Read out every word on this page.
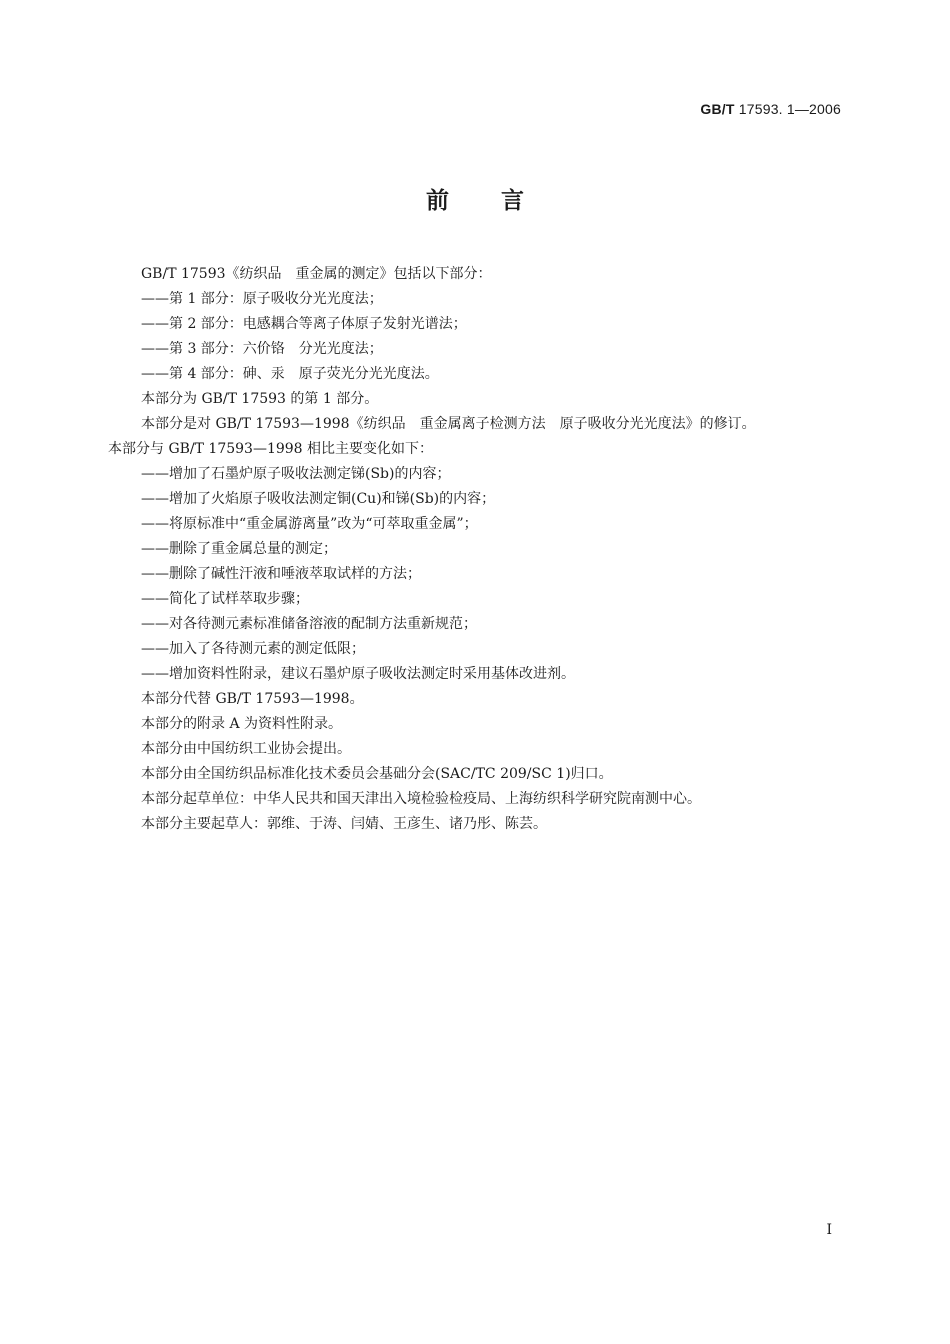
GB/T 17593. 1—2006
前言
GB/T 17593《纺织品　重金属的测定》包括以下部分：
——第 1 部分：原子吸收分光光度法；
——第 2 部分：电感耦合等离子体原子发射光谱法；
——第 3 部分：六价铬　分光光度法；
——第 4 部分：砷、汞　原子荧光分光光度法。
本部分为 GB/T 17593 的第 1 部分。
本部分是对 GB/T 17593—1998《纺织品　重金属离子检测方法　原子吸收分光光度法》的修订。
本部分与 GB/T 17593—1998 相比主要变化如下：
——增加了石墨炉原子吸收法测定锑(Sb)的内容；
——增加了火焰原子吸收法测定铜(Cu)和锑(Sb)的内容；
——将原标准中“重金属游离量”改为“可萃取重金属”；
——删除了重金属总量的测定；
——删除了碱性汗液和唾液萃取试样的方法；
——简化了试样萃取步骤；
——对各待测元素标准储备溶液的配制方法重新规范；
——加入了各待测元素的测定低限；
——增加资料性附录，建议石墨炉原子吸收法测定时采用基体改进剂。
本部分代替 GB/T 17593—1998。
本部分的附录 A 为资料性附录。
本部分由中国纺织工业协会提出。
本部分由全国纺织品标准化技术委员会基础分会(SAC/TC 209/SC 1)归口。
本部分起草单位：中华人民共和国天津出入境检验检疫局、上海纺织科学研究院南测中心。
本部分主要起草人：郭维、于涛、闫婧、王彦生、诸乃彤、陈芸。
I
